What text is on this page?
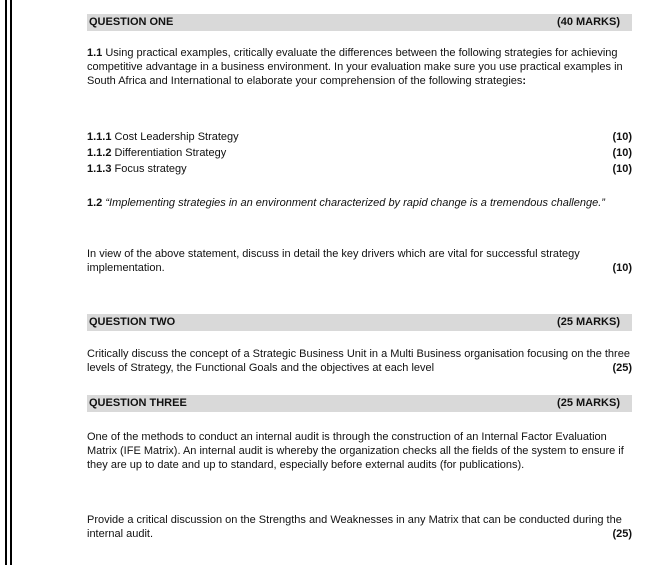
QUESTION ONE	(40 MARKS)
1.1 Using practical examples, critically evaluate the differences between the following strategies for achieving competitive advantage in a business environment. In your evaluation make sure you use practical examples in South Africa and International to elaborate your comprehension of the following strategies:
1.1.1 Cost Leadership Strategy	(10)
1.1.2 Differentiation Strategy	(10)
1.1.3 Focus strategy	(10)
1.2 “Implementing strategies in an environment characterized by rapid change is a tremendous challenge.”
In view of the above statement, discuss in detail the key drivers which are vital for successful strategy implementation.	(10)
QUESTION TWO	(25 MARKS)
Critically discuss the concept of a Strategic Business Unit in a Multi Business organisation focusing on the three levels of Strategy, the Functional Goals and the objectives at each level	(25)
QUESTION THREE	(25 MARKS)
One of the methods to conduct an internal audit is through the construction of an Internal Factor Evaluation Matrix (IFE Matrix). An internal audit is whereby the organization checks all the fields of the system to ensure if they are up to date and up to standard, especially before external audits (for publications).
Provide a critical discussion on the Strengths and Weaknesses in any Matrix that can be conducted during the internal audit.	(25)
